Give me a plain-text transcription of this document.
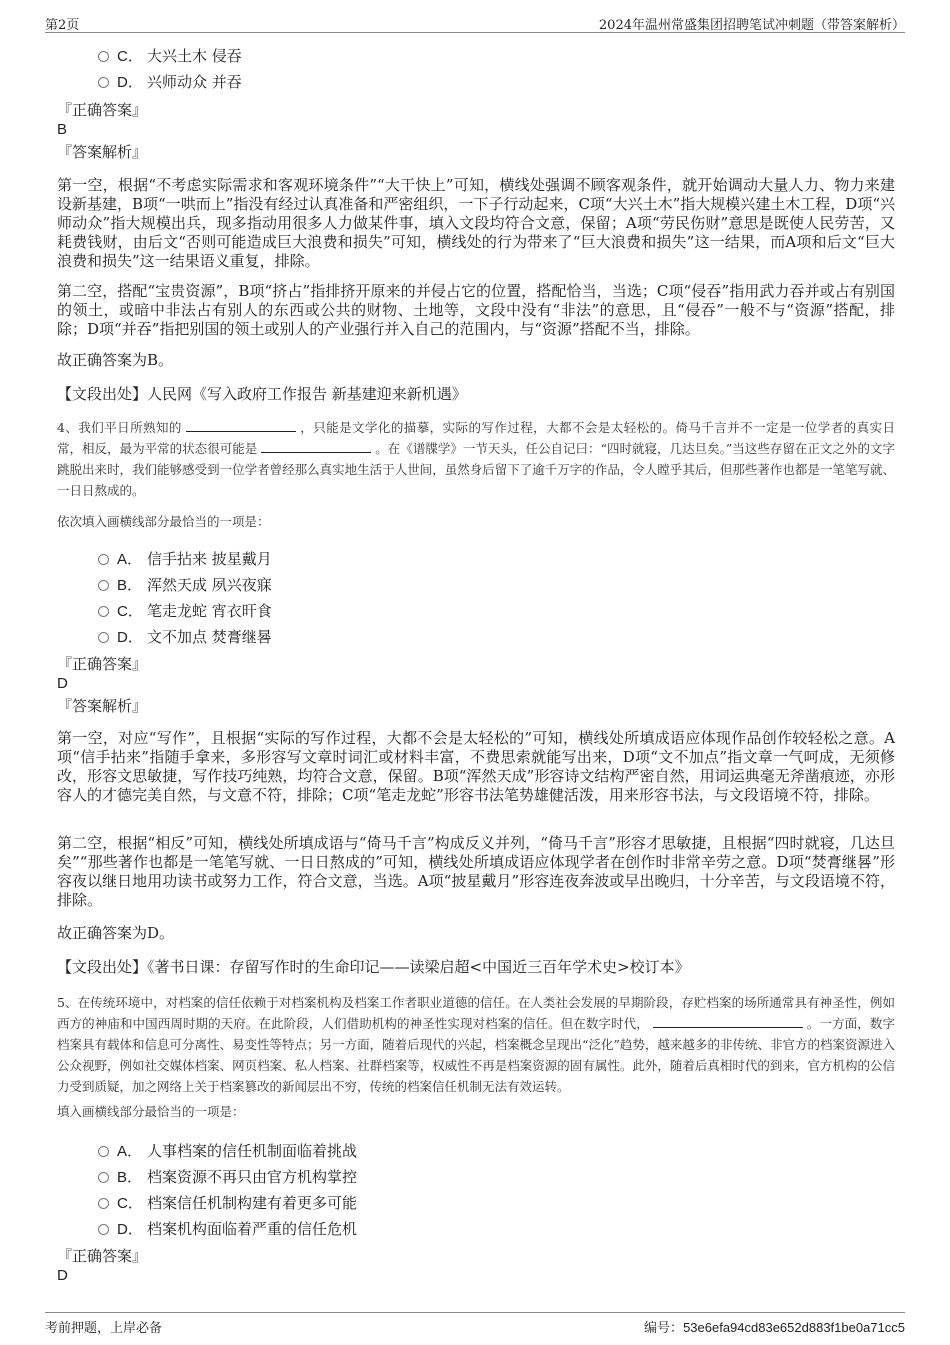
第2页	2024年温州常盛集团招聘笔试冲刺题（带答案解析）
C． 大兴土木 侵吞
D． 兴师动众 并吞
『正确答案』
B
『答案解析』

第一空，根据“不考虑实际需求和客观环境条件”“大干快上”可知，横线处强调不顾客观条件，就开始调动大量人力、物力来建设新基建，B项“一哄而上”指没有经过认真准备和严密组织，一下子行动起来，C项“大兴土木”指大规模兴建土木工程，D项“兴师动众”指大规模出兵，现多指动用很多人力做某件事，填入文段均符合文意，保留；A项“劳民伤财”意思是既使人民劳苦，又耗费钱财，由后文“否则可能造成巨大浪费和损失”可知，横线处的行为带来了“巨大浪费和损失”这一结果，而A项和后文“巨大浪费和损失”这一结果语义重复，排除。

第二空，搭配“宝贵资源”，B项“挤占”指排挤开原来的并侵占它的位置，搭配恰当，当选；C项“侵吞”指用武力吞并或占有别国的领土，或暗中非法占有别人的东西或公共的财物、土地等，文段中没有“非法”的意思，且“侵吞”一般不与“资源”搭配，排除；D项“并吞”指把别国的领土或别人的产业强行并入自己的范围内，与“资源”搭配不当，排除。

故正确答案为B。

【文段出处】人民网《写入政府工作报告 新基建迎来新机遇》

4、我们平日所熟知的	，只能是文学化的描摹，实际的写作过程，大都不会是太轻松的。倚马千言并不一定是一位学者的真实日常，相反，最为平常的状态很可能是	。在《谱牒学》一节天头，任公自记曰：“四时就寝，几达旦矣。”当这些存留在正文之外的文字跳脱出来时，我们能够感受到一位学者曾经那么真实地生活于人世间，虽然身后留下了逾千万字的作品，令人瞠乎其后，但那些著作也都是一笔笔写就、一日日熬成的。

依次填入画横线部分最恰当的一项是：
A． 信手拈来 披星戴月
B． 浑然天成 夙兴夜寐
C． 笔走龙蛇 宵衣旰食
D． 文不加点 焚膏继晷
『正确答案』
D
『答案解析』

第一空，对应“写作”，且根据“实际的写作过程，大都不会是太轻松的”可知，横线处所填成语应体现作品创作较轻松之意。A项“信手拈来”指随手拿来，多形容写文章时词汇或材料丰富，不费思索就能写出来，D项“文不加点”指文章一气呵成，无须修改，形容文思敏捷，写作技巧纯熟，均符合文意，保留。B项“浑然天成”形容诗文结构严密自然，用词运典毫无斧凿痕迹，亦形容人的才德完美自然，与文意不符，排除；C项“笔走龙蛇”形容书法笔势雄健活泼，用来形容书法，与文段语境不符，排除。

第二空，根据“相反”可知，横线处所填成语与“倚马千言”构成反义并列，“倚马千言”形容才思敏捷，且根据“四时就寝，几达旦矣”“那些著作也都是一笔笔写就、一日日熬成的”可知，横线处所填成语应体现学者在创作时非常辛劳之意。D项“焚膏继晷”形容夜以继日地用功读书或努力工作，符合文意，当选。A项“披星戴月”形容连夜奔波或早出晚归，十分辛苦，与文段语境不符，排除。

故正确答案为D。

【文段出处】《著书日课：存留写作时的生命印记——读梁启超<中国近三百年学术史>校订本》

5、在传统环境中，对档案的信任依赖于对档案机构及档案工作者职业道德的信任。在人类社会发展的早期阶段，存贮档案的场所通常具有神圣性，例如西方的神庙和中国西周时期的天府。在此阶段，人们借助机构的神圣性实现对档案的信任。但在数字时代，	。一方面，数字档案具有载体和信息可分离性、易变性等特点；另一方面，随着后现代的兴起，档案概念呈现出“泛化”趋势，越来越多的非传统、非官方的档案资源进入公众视野，例如社交媒体档案、网页档案、私人档案、社群档案等，权威性不再是档案资源的固有属性。此外，随着后真相时代的到来，官方机构的公信力受到质疑，加之网络上关于档案篡改的新闻层出不穷，传统的档案信任机制无法有效运转。

填入画横线部分最恰当的一项是：
A． 人事档案的信任机制面临着挑战
B． 档案资源不再只由官方机构掌控
C． 档案信任机制构建有着更多可能
D． 档案机构面临着严重的信任危机
『正确答案』
D
考前押题，上岸必备	编号：53e6efa94cd83e652d883f1be0a71cc5
